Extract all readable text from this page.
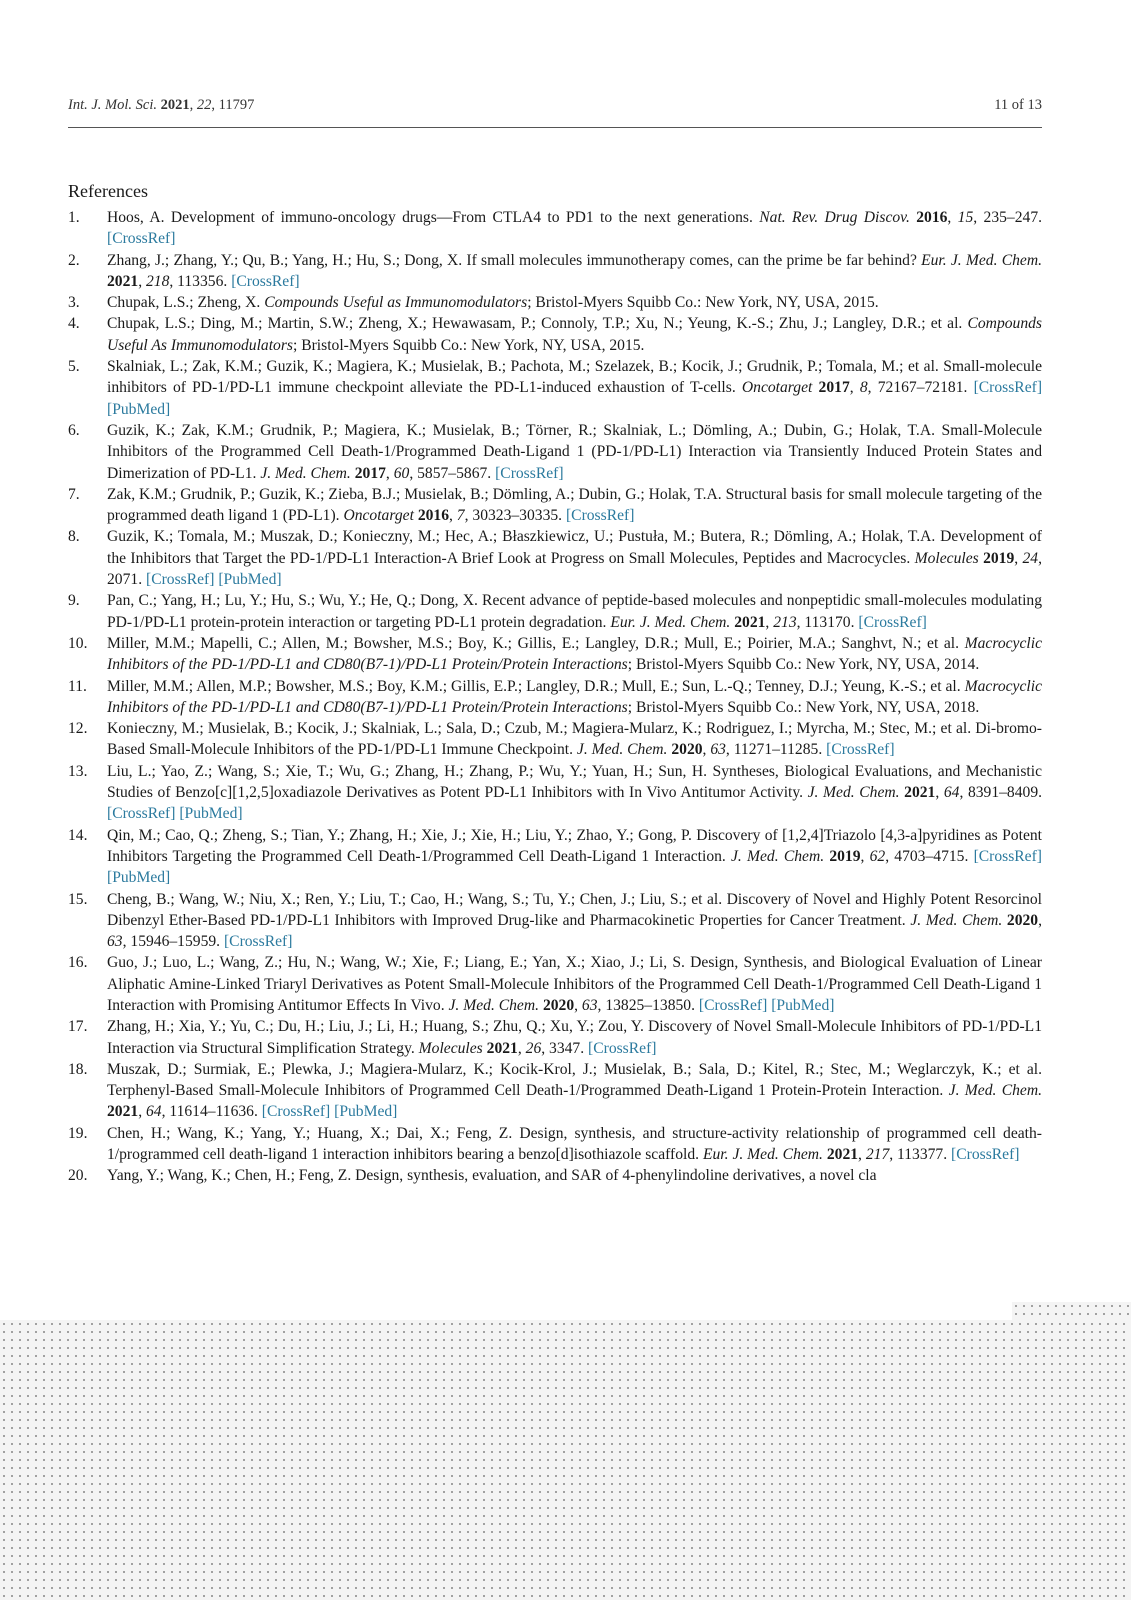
Int. J. Mol. Sci. 2021, 22, 11797	11 of 13
References
1. Hoos, A. Development of immuno-oncology drugs—From CTLA4 to PD1 to the next generations. Nat. Rev. Drug Discov. 2016, 15, 235–247. [CrossRef]
2. Zhang, J.; Zhang, Y.; Qu, B.; Yang, H.; Hu, S.; Dong, X. If small molecules immunotherapy comes, can the prime be far behind? Eur. J. Med. Chem. 2021, 218, 113356. [CrossRef]
3. Chupak, L.S.; Zheng, X. Compounds Useful as Immunomodulators; Bristol-Myers Squibb Co.: New York, NY, USA, 2015.
4. Chupak, L.S.; Ding, M.; Martin, S.W.; Zheng, X.; Hewawasam, P.; Connoly, T.P.; Xu, N.; Yeung, K.-S.; Zhu, J.; Langley, D.R.; et al. Compounds Useful As Immunomodulators; Bristol-Myers Squibb Co.: New York, NY, USA, 2015.
5. Skalniak, L.; Zak, K.M.; Guzik, K.; Magiera, K.; Musielak, B.; Pachota, M.; Szelazek, B.; Kocik, J.; Grudnik, P.; Tomala, M.; et al. Small-molecule inhibitors of PD-1/PD-L1 immune checkpoint alleviate the PD-L1-induced exhaustion of T-cells. Oncotarget 2017, 8, 72167–72181. [CrossRef] [PubMed]
6. Guzik, K.; Zak, K.M.; Grudnik, P.; Magiera, K.; Musielak, B.; Törner, R.; Skalniak, L.; Dömling, A.; Dubin, G.; Holak, T.A. Small-Molecule Inhibitors of the Programmed Cell Death-1/Programmed Death-Ligand 1 (PD-1/PD-L1) Interaction via Transiently Induced Protein States and Dimerization of PD-L1. J. Med. Chem. 2017, 60, 5857–5867. [CrossRef]
7. Zak, K.M.; Grudnik, P.; Guzik, K.; Zieba, B.J.; Musielak, B.; Dömling, A.; Dubin, G.; Holak, T.A. Structural basis for small molecule targeting of the programmed death ligand 1 (PD-L1). Oncotarget 2016, 7, 30323–30335. [CrossRef]
8. Guzik, K.; Tomala, M.; Muszak, D.; Konieczny, M.; Hec, A.; Błaszkiewicz, U.; Pustuła, M.; Butera, R.; Dömling, A.; Holak, T.A. Development of the Inhibitors that Target the PD-1/PD-L1 Interaction-A Brief Look at Progress on Small Molecules, Peptides and Macrocycles. Molecules 2019, 24, 2071. [CrossRef] [PubMed]
9. Pan, C.; Yang, H.; Lu, Y.; Hu, S.; Wu, Y.; He, Q.; Dong, X. Recent advance of peptide-based molecules and nonpeptidic small-molecules modulating PD-1/PD-L1 protein-protein interaction or targeting PD-L1 protein degradation. Eur. J. Med. Chem. 2021, 213, 113170. [CrossRef]
10. Miller, M.M.; Mapelli, C.; Allen, M.; Bowsher, M.S.; Boy, K.; Gillis, E.; Langley, D.R.; Mull, E.; Poirier, M.A.; Sanghvt, N.; et al. Macrocyclic Inhibitors of the PD-1/PD-L1 and CD80(B7-1)/PD-L1 Protein/Protein Interactions; Bristol-Myers Squibb Co.: New York, NY, USA, 2014.
11. Miller, M.M.; Allen, M.P.; Bowsher, M.S.; Boy, K.M.; Gillis, E.P.; Langley, D.R.; Mull, E.; Sun, L.-Q.; Tenney, D.J.; Yeung, K.-S.; et al. Macrocyclic Inhibitors of the PD-1/PD-L1 and CD80(B7-1)/PD-L1 Protein/Protein Interactions; Bristol-Myers Squibb Co.: New York, NY, USA, 2018.
12. Konieczny, M.; Musielak, B.; Kocik, J.; Skalniak, L.; Sala, D.; Czub, M.; Magiera-Mularz, K.; Rodriguez, I.; Myrcha, M.; Stec, M.; et al. Di-bromo-Based Small-Molecule Inhibitors of the PD-1/PD-L1 Immune Checkpoint. J. Med. Chem. 2020, 63, 11271–11285. [CrossRef]
13. Liu, L.; Yao, Z.; Wang, S.; Xie, T.; Wu, G.; Zhang, H.; Zhang, P.; Wu, Y.; Yuan, H.; Sun, H. Syntheses, Biological Evaluations, and Mechanistic Studies of Benzo[c][1,2,5]oxadiazole Derivatives as Potent PD-L1 Inhibitors with In Vivo Antitumor Activity. J. Med. Chem. 2021, 64, 8391–8409. [CrossRef] [PubMed]
14. Qin, M.; Cao, Q.; Zheng, S.; Tian, Y.; Zhang, H.; Xie, J.; Xie, H.; Liu, Y.; Zhao, Y.; Gong, P. Discovery of [1,2,4]Triazolo [4,3-a]pyridines as Potent Inhibitors Targeting the Programmed Cell Death-1/Programmed Cell Death-Ligand 1 Interaction. J. Med. Chem. 2019, 62, 4703–4715. [CrossRef] [PubMed]
15. Cheng, B.; Wang, W.; Niu, X.; Ren, Y.; Liu, T.; Cao, H.; Wang, S.; Tu, Y.; Chen, J.; Liu, S.; et al. Discovery of Novel and Highly Potent Resorcinol Dibenzyl Ether-Based PD-1/PD-L1 Inhibitors with Improved Drug-like and Pharmacokinetic Properties for Cancer Treatment. J. Med. Chem. 2020, 63, 15946–15959. [CrossRef]
16. Guo, J.; Luo, L.; Wang, Z.; Hu, N.; Wang, W.; Xie, F.; Liang, E.; Yan, X.; Xiao, J.; Li, S. Design, Synthesis, and Biological Evaluation of Linear Aliphatic Amine-Linked Triaryl Derivatives as Potent Small-Molecule Inhibitors of the Programmed Cell Death-1/Programmed Cell Death-Ligand 1 Interaction with Promising Antitumor Effects In Vivo. J. Med. Chem. 2020, 63, 13825–13850. [CrossRef] [PubMed]
17. Zhang, H.; Xia, Y.; Yu, C.; Du, H.; Liu, J.; Li, H.; Huang, S.; Zhu, Q.; Xu, Y.; Zou, Y. Discovery of Novel Small-Molecule Inhibitors of PD-1/PD-L1 Interaction via Structural Simplification Strategy. Molecules 2021, 26, 3347. [CrossRef]
18. Muszak, D.; Surmiak, E.; Plewka, J.; Magiera-Mularz, K.; Kocik-Krol, J.; Musielak, B.; Sala, D.; Kitel, R.; Stec, M.; Weglarczyk, K.; et al. Terphenyl-Based Small-Molecule Inhibitors of Programmed Cell Death-1/Programmed Death-Ligand 1 Protein-Protein Interaction. J. Med. Chem. 2021, 64, 11614–11636. [CrossRef] [PubMed]
19. Chen, H.; Wang, K.; Yang, Y.; Huang, X.; Dai, X.; Feng, Z. Design, synthesis, and structure-activity relationship of programmed cell death-1/programmed cell death-ligand 1 interaction inhibitors bearing a benzo[d]isothiazole scaffold. Eur. J. Med. Chem. 2021, 217, 113377. [CrossRef]
20. Yang, Y.; Wang, K.; Chen, H.; Feng, Z. Design, synthesis, evaluation, and SAR of 4-phenylindoline derivatives, a novel cla
